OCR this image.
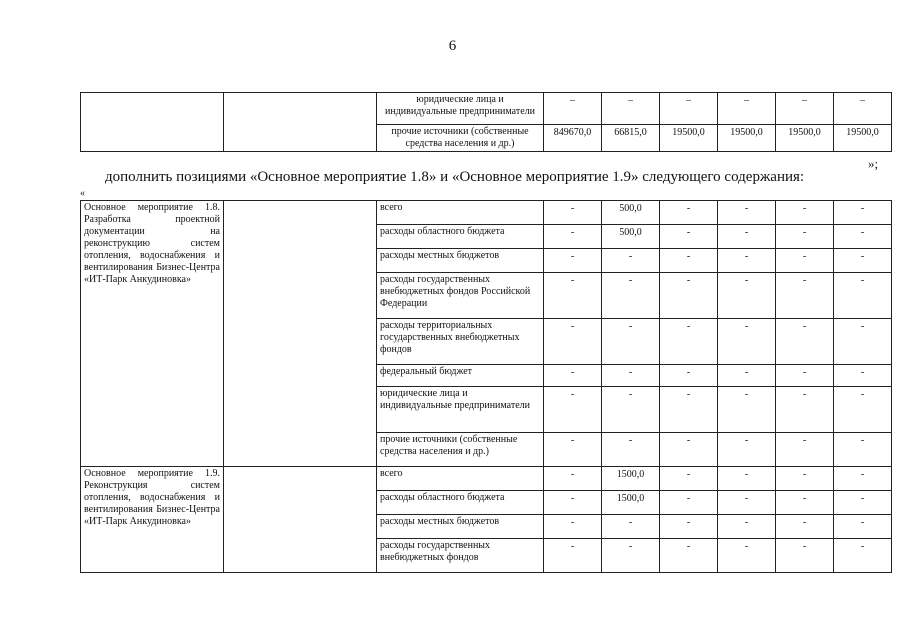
6
		юридические лица и индивидуальные предприниматели	–	–	–	–	–	–
		прочие источники (собственные средства населения и др.)	849670,0	66815,0	19500,0	19500,0	19500,0	19500,0
»;
дополнить позициями «Основное мероприятие 1.8» и «Основное мероприятие 1.9» следующего содержания:
«
Основное мероприятие 1.8. Разработка проектной документации на реконструкцию систем отопления, водоснабжения и вентилирования Бизнес-Центра «ИТ-Парк Анкудиновка»		всего	-	500,0	-	-	-	-
		расходы областного бюджета	-	500,0	-	-	-	-
		расходы местных бюджетов	-	-	-	-	-	-
		расходы государственных внебюджетных фондов Российской Федерации	-	-	-	-	-	-
		расходы территориальных государственных внебюджетных фондов	-	-	-	-	-	-
		федеральный бюджет	-	-	-	-	-	-
		юридические лица и индивидуальные предприниматели	-	-	-	-	-	-
		прочие источники (собственные средства населения и др.)	-	-	-	-	-	-
Основное мероприятие 1.9. Реконструкция систем отопления, водоснабжения и вентилирования Бизнес-Центра «ИТ-Парк Анкудиновка»		всего	-	1500,0	-	-	-	-
		расходы областного бюджета	-	1500,0	-	-	-	-
		расходы местных бюджетов	-	-	-	-	-	-
		расходы государственных внебюджетных фондов	-	-	-	-	-	-
